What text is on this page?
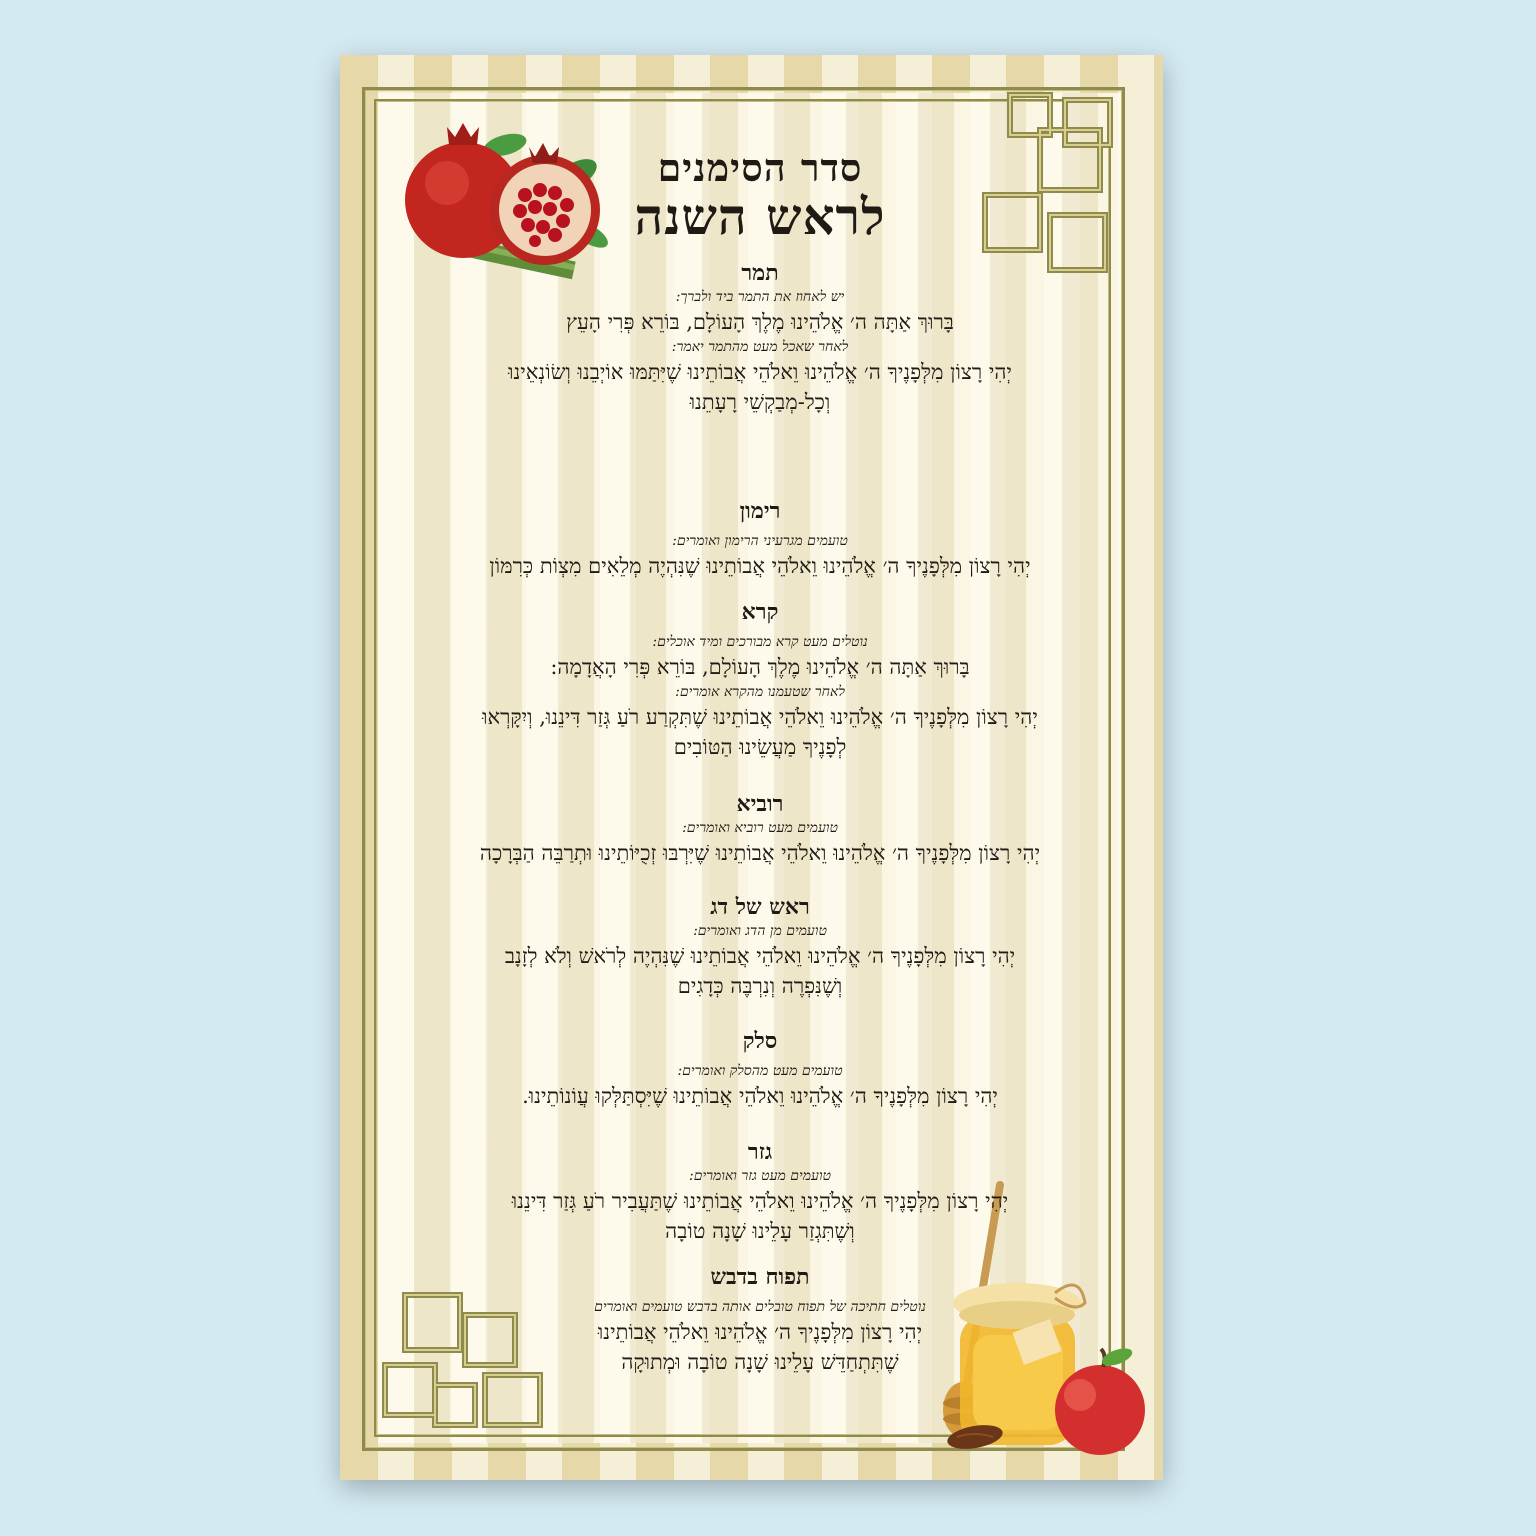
סדר הסימנים
לראש השנה
תמר
יש לאחוז את התמר ביד ולברך:
בָּרוּךְ אַתָּה ה׳ אֱלֹהֵינוּ מֶלֶךְ הָעוֹלָם, בּוֹרֵא פְּרִי הָעֵץ
לאחר שאכל מעט מהתמר יאמר:
יְהִי רָצוֹן מִלְּפָנֶיךָ ה׳ אֱלֹהֵינוּ וֵאלֹהֵי אֲבוֹתֵינוּ שֶׁיִּתַּמּוּ אוֹיְבֵנוּ וְשׂוֹנְאֵינוּ
וְכָל-מְבַקְשֵׁי רָעָתֵנוּ
רימון
טועמים מגרעיני הרימון ואומרים:
יְהִי רָצוֹן מִלְּפָנֶיךָ ה׳ אֱלֹהֵינוּ וֵאלֹהֵי אֲבוֹתֵינוּ שֶׁנִּהְיֶה מְלֵאִים מִצְוֹת כְּרִמּוֹן
קרא
נוטלים מעט קרא מבורכים ומיד אוכלים:
בָּרוּךְ אַתָּה ה׳ אֱלֹהֵינוּ מֶלֶךְ הָעוֹלָם, בּוֹרֵא פְּרִי הָאֲדָמָה:
לאחר שטעמנו מהקרא אומרים:
יְהִי רָצוֹן מִלְּפָנֶיךָ ה׳ אֱלֹהֵינוּ וֵאלֹהֵי אֲבוֹתֵינוּ שֶׁתִּקְרַע רֹעַ גְּזַר דִּינֵנוּ, וְיִקָּרְאוּ
לְפָנֶיךָ מַעֲשֵׂינוּ הַטּוֹבִים
רוביא
טועמים מעט רוביא ואומרים:
יְהִי רָצוֹן מִלְּפָנֶיךָ ה׳ אֱלֹהֵינוּ וֵאלֹהֵי אֲבוֹתֵינוּ שֶׁיִּרְבּוּ זְכֻיּוֹתֵינוּ וּתְרַבֵּה הַבְּרָכָה
ראש של דג
טועמים מן הדג ואומרים:
יְהִי רָצוֹן מִלְּפָנֶיךָ ה׳ אֱלֹהֵינוּ וֵאלֹהֵי אֲבוֹתֵינוּ שֶׁנִּהְיֶה לְרֹאשׁ וְלֹא לְזָנָב
וְשֶׁנִּפְרֶה וְנִרְבֶּה כְּדָגִים
סלק
טועמים מעט מהסלק ואומרים:
יְהִי רָצוֹן מִלְּפָנֶיךָ ה׳ אֱלֹהֵינוּ וֵאלֹהֵי אֲבוֹתֵינוּ שֶׁיִּסְתַּלְּקוּ עֲוֹנוֹתֵינוּ.
גזר
טועמים מעט גזר ואומרים:
יְהִי רָצוֹן מִלְּפָנֶיךָ ה׳ אֱלֹהֵינוּ וֵאלֹהֵי אֲבוֹתֵינוּ שֶׁתַּעֲבִיר רֹעַ גְּזַר דִּינֵנוּ
וְשֶׁתִּגְזַר עָלֵינוּ שָׁנָה טוֹבָה
תפוח בדבש
נוטלים חתיכה של תפוח טובלים אותה בדבש טועמים ואומרים
יְהִי רָצוֹן מִלְּפָנֶיךָ ה׳ אֱלֹהֵינוּ וֵאלֹהֵי אֲבוֹתֵינוּ
שֶׁתִּתְחַדֵּשׁ עָלֵינוּ שָׁנָה טוֹבָה וּמְתוּקָה
